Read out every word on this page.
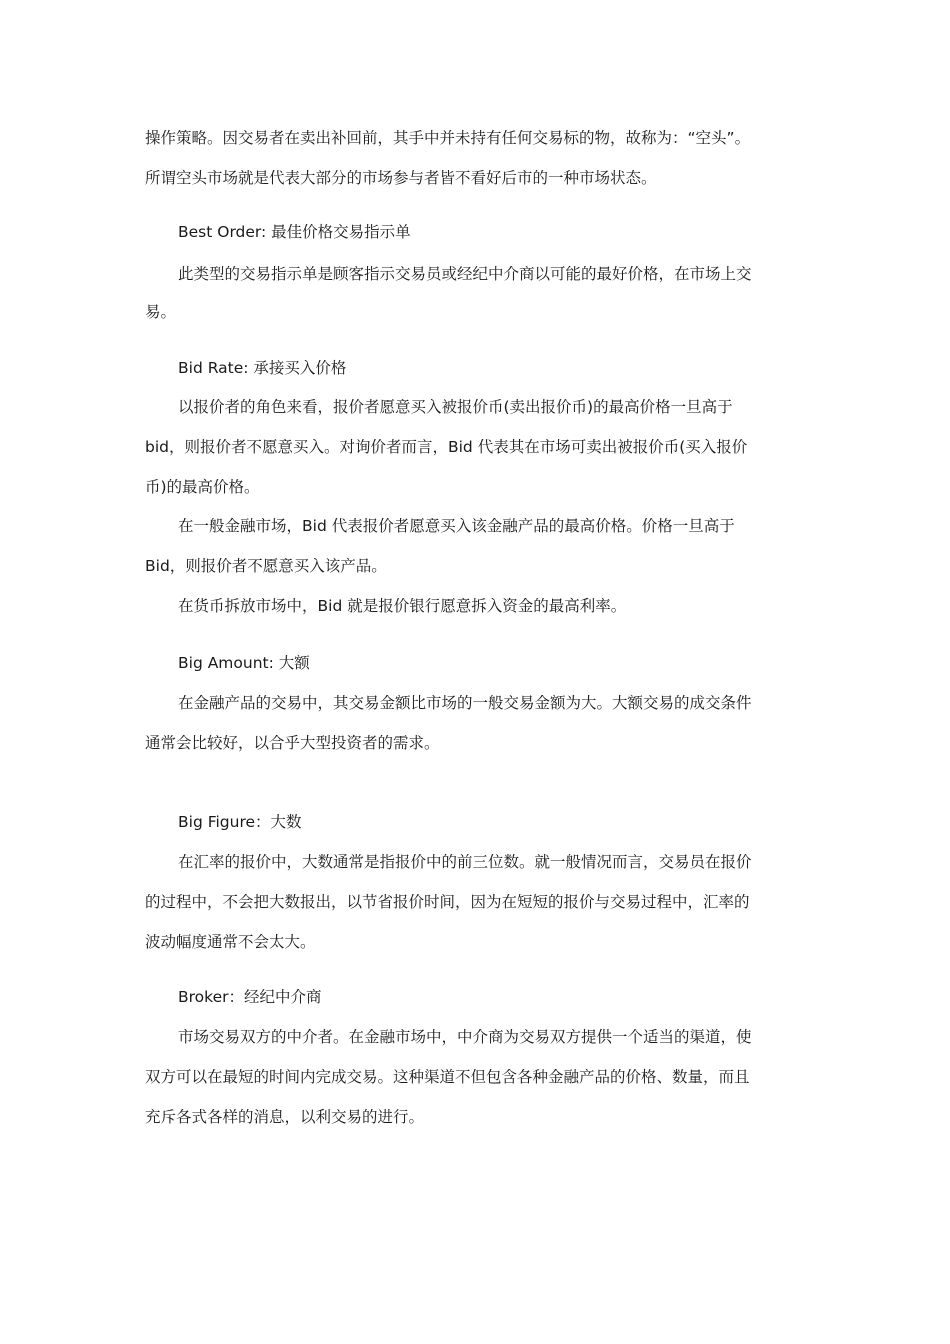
操作策略。因交易者在卖出补回前，其手中并未持有任何交易标的物，故称为：“空头”。
所谓空头市场就是代表大部分的市场参与者皆不看好后市的一种市场状态。
Best Order: 最佳价格交易指示单
此类型的交易指示单是顾客指示交易员或经纪中介商以可能的最好价格，在市场上交
易。
Bid Rate: 承接买入价格
以报价者的角色来看，报价者愿意买入被报价币(卖出报价币)的最高价格一旦高于
bid，则报价者不愿意买入。对询价者而言，Bid 代表其在市场可卖出被报价币(买入报价
币)的最高价格。
在一般金融市场，Bid 代表报价者愿意买入该金融产品的最高价格。价格一旦高于
Bid，则报价者不愿意买入该产品。
在货币拆放市场中，Bid 就是报价银行愿意拆入资金的最高利率。
Big Amount: 大额
在金融产品的交易中，其交易金额比市场的一般交易金额为大。大额交易的成交条件
通常会比较好，以合乎大型投资者的需求。
Big Figure：大数
在汇率的报价中，大数通常是指报价中的前三位数。就一般情况而言，交易员在报价
的过程中，不会把大数报出，以节省报价时间，因为在短短的报价与交易过程中，汇率的
波动幅度通常不会太大。
Broker：经纪中介商
市场交易双方的中介者。在金融市场中，中介商为交易双方提供一个适当的渠道，使
双方可以在最短的时间内完成交易。这种渠道不但包含各种金融产品的价格、数量，而且
充斥各式各样的消息，以利交易的进行。
